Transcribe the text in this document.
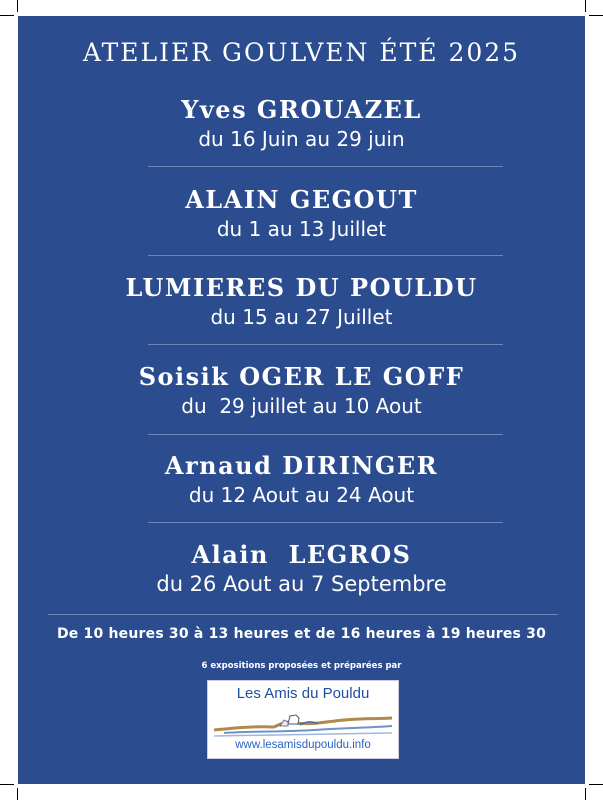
ATELIER GOULVEN ÉTÉ 2025
Yves GROUAZEL
du 16 Juin au 29 juin
ALAIN GEGOUT
du 1 au 13 Juillet
LUMIERES DU POULDU
du 15 au 27 Juillet
Soisik OGER LE GOFF
du  29 juillet au 10 Aout
Arnaud DIRINGER
du 12 Aout au 24 Aout
Alain  LEGROS
du 26 Aout au 7 Septembre
De 10 heures 30 à 13 heures et de 16 heures à 19 heures 30
6 expositions proposées et préparées par
Les Amis du Pouldu
www.lesamisdupouldu.info
